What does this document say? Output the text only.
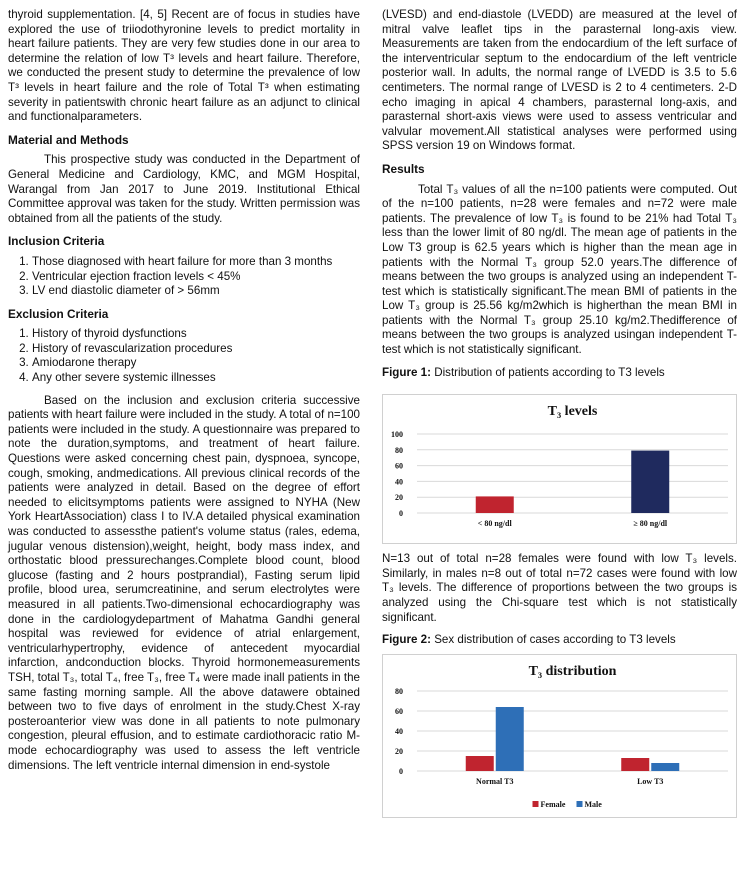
thyroid supplementation. [4, 5] Recent are of focus in studies have explored the use of triiodothyronine levels to predict mortality in heart failure patients. They are very few studies done in our area to determine the relation of low T³ levels and heart failure. Therefore, we conducted the present study to determine the prevalence of low T³ levels in heart failure and the role of Total T³ when estimating severity in patientswith chronic heart failure as an adjunct to clinical and functionalparameters.

Material and Methods

This prospective study was conducted in the Department of General Medicine and Cardiology, KMC, and MGM Hospital, Warangal from Jan 2017 to June 2019. Institutional Ethical Committee approval was taken for the study. Written permission was obtained from all the patients of the study.

Inclusion Criteria
1. Those diagnosed with heart failure for more than 3 months
2. Ventricular ejection fraction levels < 45%
3. LV end diastolic diameter of > 56mm
Exclusion Criteria
1. History of thyroid dysfunctions
2. History of revascularization procedures
3. Amiodarone therapy
4. Any other severe systemic illnesses

Based on the inclusion and exclusion criteria successive patients with heart failure were included in the study. A total of n=100 patients were included in the study. A questionnaire was prepared to note the duration,symptoms, and treatment of heart failure. Questions were asked concerning chest pain, dyspnoea, syncope, cough, smoking, andmedications. All previous clinical records of the patients were analyzed in detail. Based on the degree of effort needed to elicitsymptoms patients were assigned to NYHA (New York HeartAssociation) class I to IV.A detailed physical examination was conducted to assessthe patient's volume status (rales, edema, jugular venous distension),weight, height, body mass index, and orthostatic blood pressurechanges.Complete blood count, blood glucose (fasting and 2 hours postprandial), Fasting serum lipid profile, blood urea, serumcreatinine, and serum electrolytes were measured in all patients.Two-dimensional echocardiography was done in the cardiologydepartment of Mahatma Gandhi general hospital was reviewed for evidence of atrial enlargement, ventricularhypertrophy, evidence of antecedent myocardial infarction, andconduction blocks. Thyroid hormonemeasurements TSH, total T₃, total T₄, free T₃, free T₄ were made inall patients in the same fasting morning sample. All the above datawere obtained between two to five days of enrolment in the study.Chest X-ray posteroanterior view was done in all patients to note pulmonary congestion, pleural effusion, and to estimate cardiothoracic ratio M-mode echocardiography was used to assess the left ventricle dimensions. The left ventricle internal dimension in end-systole

(LVESD) and end-diastole (LVEDD) are measured at the level of mitral valve leaflet tips in the parasternal long-axis view. Measurements are taken from the endocardium of the left surface of the interventricular septum to the endocardium of the left ventricle posterior wall. In adults, the normal range of LVEDD is 3.5 to 5.6 centimeters. The normal range of LVESD is 2 to 4 centimeters. 2-D echo imaging in apical 4 chambers, parasternal long-axis, and parasternal short-axis views were used to assess ventricular and valvular movement.All statistical analyses were performed using SPSS version 19 on Windows format.

Results

Total T₃ values of all the n=100 patients were computed. Out of the n=100 patients, n=28 were females and n=72 were male patients. The prevalence of low T₃ is found to be 21% had Total T₃ less than the lower limit of 80 ng/dl. The mean age of patients in the Low T3 group is 62.5 years which is higher than the mean age in patients with the Normal T₃ group 52.0 years.The difference of means between the two groups is analyzed using an independent T-test which is statistically significant.The mean BMI of patients in the Low T₃ group is 25.56 kg/m2which is higherthan the mean BMI in patients with the Normal T₃ group 25.10 kg/m2.Thedifference of means between the two groups is analyzed usingan independent T-test which is not statistically significant.

Figure 1: Distribution of patients according to T3 levels
T₃ levels
0
20
40
60
80
100
< 80 ng/dl	≥ 80 ng/dl

N=13 out of total n=28 females were found with low T₃ levels. Similarly, in males n=8 out of total n=72 cases were found with low T₃ levels. The difference of proportions between the two groups is analyzed using the Chi-square test which is not statistically significant.

Figure 2: Sex distribution of cases according to T3 levels
T₃ distribution
0
20
40
60
80
Normal T3	Low T3
Female Male
